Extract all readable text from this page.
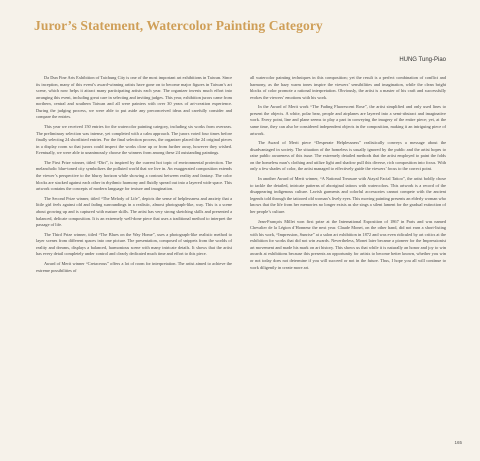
Juror’s Statement, Watercolor Painting Category
HUNG Tung-Piao

Da Dun Fine Arts Exhibition of Taichung City is one of the most important art exhibitions in Taiwan. Since its inception, many of this event’s award-winning artists have gone on to become major figures in Taiwan’s art scene, which now helps it attract many participating artists each year. The organizer invests much effort into arranging this event, including great care in selecting and inviting judges. This year, exhibition jurors came from northern, central and southern Taiwan and all were painters with over 30 years of art-creation experience. During the judging process, we were able to put aside any preconceived ideas and carefully consider and compare the entries.

This year we received 150 entries for the watercolor painting category, including six works from overseas. The preliminary selection was intense, yet completed with a calm approach. The jurors voted four times before finally selecting 24 shortlisted entries. For the final selection process, the organizer placed the 24 original pieces in a display room so that jurors could inspect the works close up or from further away, however they wished. Eventually, we were able to unanimously choose the winners from among these 24 outstanding paintings.

The First Prize winner, titled “Dirt”, is inspired by the current hot topic of environmental protection. The melancholic blue-toned city symbolizes the polluted world that we live in. An exaggerated composition extends the viewer’s perspective to the blurry horizon while showing a contrast between reality and fantasy. The color blocks are stacked against each other in rhythmic harmony and fluidly spread out into a layered wide space. This artwork contains the concepts of modern language for texture and imagination.

The Second Prize winner, titled “The Melody of Life”, depicts the sense of helplessness and anxiety that a little girl feels against old and fading surroundings in a realistic, almost photograph-like, way. This is a scene about growing up and is captured with mature skills. The artist has very strong sketching skills and presented a balanced, delicate composition. It is an extremely well-done piece that uses a traditional method to interpret the passage of life.

The Third Prize winner, titled “The Blues on the Way Home”, uses a photograph-like realistic method to layer scenes from different spaces into one picture. The presentation, composed of snippets from the worlds of reality and dreams, displays a balanced, harmonious scene with many intricate details. It shows that the artist has every detail completely under control and clearly dedicated much time and effort to this piece.

Award of Merit winner “Cretaceous” offers a lot of room for interpretation. The artist aimed to achieve the extreme possibilities of

all watercolor painting techniques in this composition; yet the result is a perfect combination of conflict and harmony, as the hazy warm tones inspire the viewers’ sensibilities and imagination, while the clean bright blocks of color promote a rational interpretation. Obviously, the artist is a master of his craft and successfully evokes the viewers’ emotions with his work.

In the Award of Merit work “The Fading Fluorescent Rose”, the artist simplified and only used lines to present the objects. A white, polar bear, people and airplanes are layered into a semi-abstract and imaginative work. Every point, line and plane seems to play a part in conveying the imagery of the entire piece; yet, at the same time, they can also be considered independent objects in the composition, making it an intriguing piece of artwork.

The Award of Merit piece “Desperate Helplessness” realistically conveys a message about the disadvantaged in society. The situation of the homeless is usually ignored by the public and the artist hopes to raise public awareness of this issue. The extremely detailed methods that the artist employed to paint the folds on the homeless man’s clothing and utilize light and shadow pull this diverse, rich composition into focus. With only a few shades of color, the artist managed to effectively guide the viewers’ focus to the correct point.

In another Award of Merit winner, “A National Treasure with Atayal Facial Tattoo”, the artist boldly chose to tackle the detailed, intricate patterns of aboriginal tattoos with watercolors. This artwork is a record of the disappearing indigenous culture. Lavish garments and colorful accessories cannot compete with the ancient legends told through the tattooed old woman’s lively eyes. This moving painting presents an elderly woman who knows that the life from her memories no longer exists as she sings a silent lament for the gradual extinction of her people’s culture.

Jean-François Millet won first prize at the International Exposition of 1867 in Paris and was named Chevalier de la Légion d’Honneur the next year. Claude Monet, on the other hand, did not earn a short-listing with his work, “Impression, Sunrise” at a salon art exhibition in 1872 and was even ridiculed by art critics at the exhibition for works that did not win awards. Nevertheless, Monet later became a pioneer for the Impressionist art movement and made his mark on art history. This shows us that while it is naturally an honor and joy to win awards at exhibitions because this presents an opportunity for artists to become better known, whether you win or not today does not determine if you will succeed or not in the future. Thus, I hope you all will continue to work diligently in create more art.

165
